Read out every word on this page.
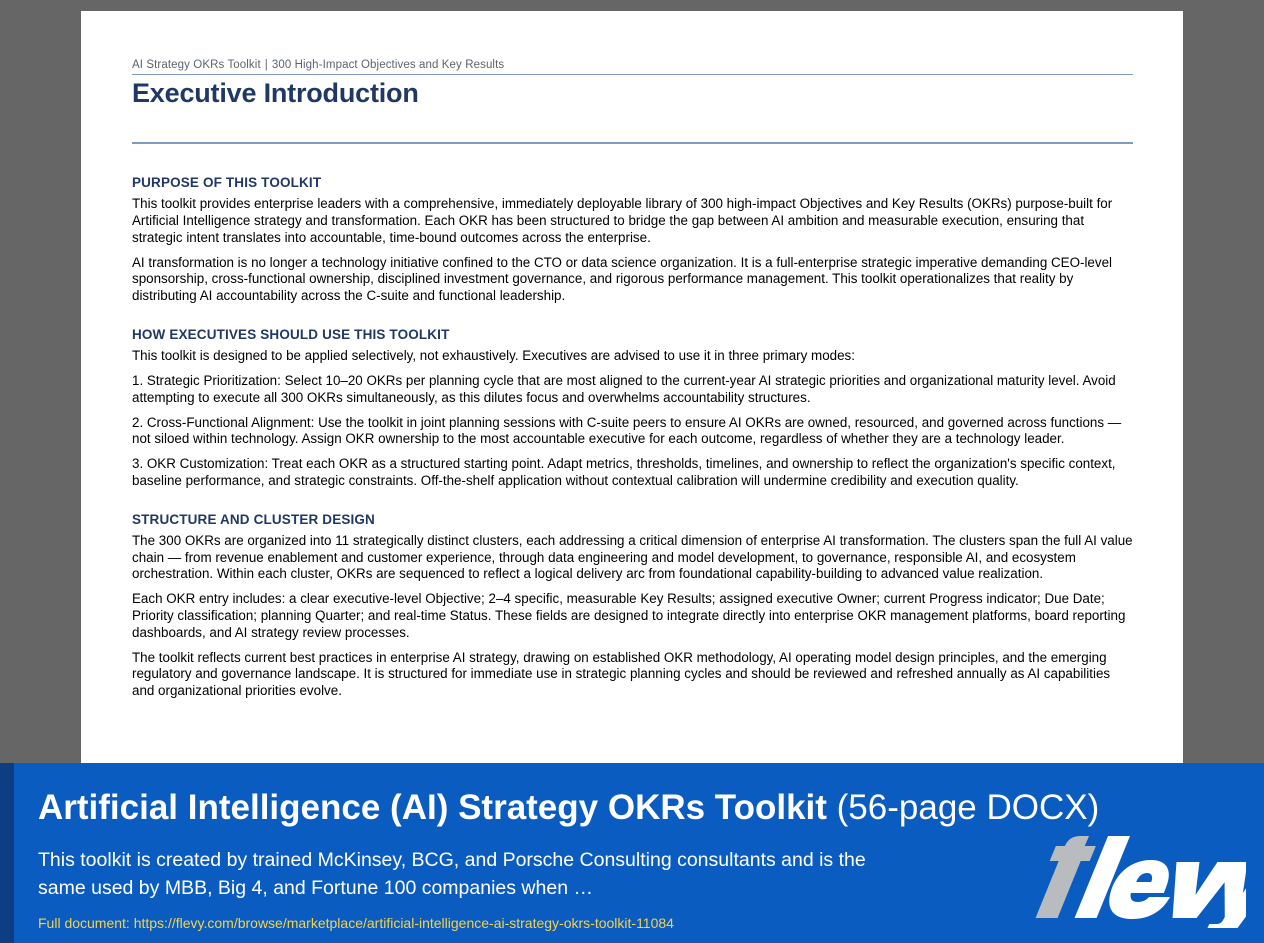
AI Strategy OKRs Toolkit | 300 High-Impact Objectives and Key Results
Executive Introduction
PURPOSE OF THIS TOOLKIT

This toolkit provides enterprise leaders with a comprehensive, immediately deployable library of 300 high-impact Objectives and Key Results (OKRs) purpose-built for Artificial Intelligence strategy and transformation. Each OKR has been structured to bridge the gap between AI ambition and measurable execution, ensuring that strategic intent translates into accountable, time-bound outcomes across the enterprise.

AI transformation is no longer a technology initiative confined to the CTO or data science organization. It is a full-enterprise strategic imperative demanding CEO-level sponsorship, cross-functional ownership, disciplined investment governance, and rigorous performance management. This toolkit operationalizes that reality by distributing AI accountability across the C-suite and functional leadership.

HOW EXECUTIVES SHOULD USE THIS TOOLKIT

This toolkit is designed to be applied selectively, not exhaustively. Executives are advised to use it in three primary modes:

1. Strategic Prioritization: Select 10–20 OKRs per planning cycle that are most aligned to the current-year AI strategic priorities and organizational maturity level. Avoid attempting to execute all 300 OKRs simultaneously, as this dilutes focus and overwhelms accountability structures.

2. Cross-Functional Alignment: Use the toolkit in joint planning sessions with C-suite peers to ensure AI OKRs are owned, resourced, and governed across functions — not siloed within technology. Assign OKR ownership to the most accountable executive for each outcome, regardless of whether they are a technology leader.

3. OKR Customization: Treat each OKR as a structured starting point. Adapt metrics, thresholds, timelines, and ownership to reflect the organization's specific context, baseline performance, and strategic constraints. Off-the-shelf application without contextual calibration will undermine credibility and execution quality.

STRUCTURE AND CLUSTER DESIGN

The 300 OKRs are organized into 11 strategically distinct clusters, each addressing a critical dimension of enterprise AI transformation. The clusters span the full AI value chain — from revenue enablement and customer experience, through data engineering and model development, to governance, responsible AI, and ecosystem orchestration. Within each cluster, OKRs are sequenced to reflect a logical delivery arc from foundational capability-building to advanced value realization.

Each OKR entry includes: a clear executive-level Objective; 2–4 specific, measurable Key Results; assigned executive Owner; current Progress indicator; Due Date; Priority classification; planning Quarter; and real-time Status. These fields are designed to integrate directly into enterprise OKR management platforms, board reporting dashboards, and AI strategy review processes.

The toolkit reflects current best practices in enterprise AI strategy, drawing on established OKR methodology, AI operating model design principles, and the emerging regulatory and governance landscape. It is structured for immediate use in strategic planning cycles and should be reviewed and refreshed annually as AI capabilities and organizational priorities evolve.

Artificial Intelligence (AI) Strategy OKRs Toolkit (56-page DOCX)
This toolkit is created by trained McKinsey, BCG, and Porsche Consulting consultants and is the same used by MBB, Big 4, and Fortune 100 companies when …
Full document: https://flevy.com/browse/marketplace/artificial-intelligence-ai-strategy-okrs-toolkit-11084
